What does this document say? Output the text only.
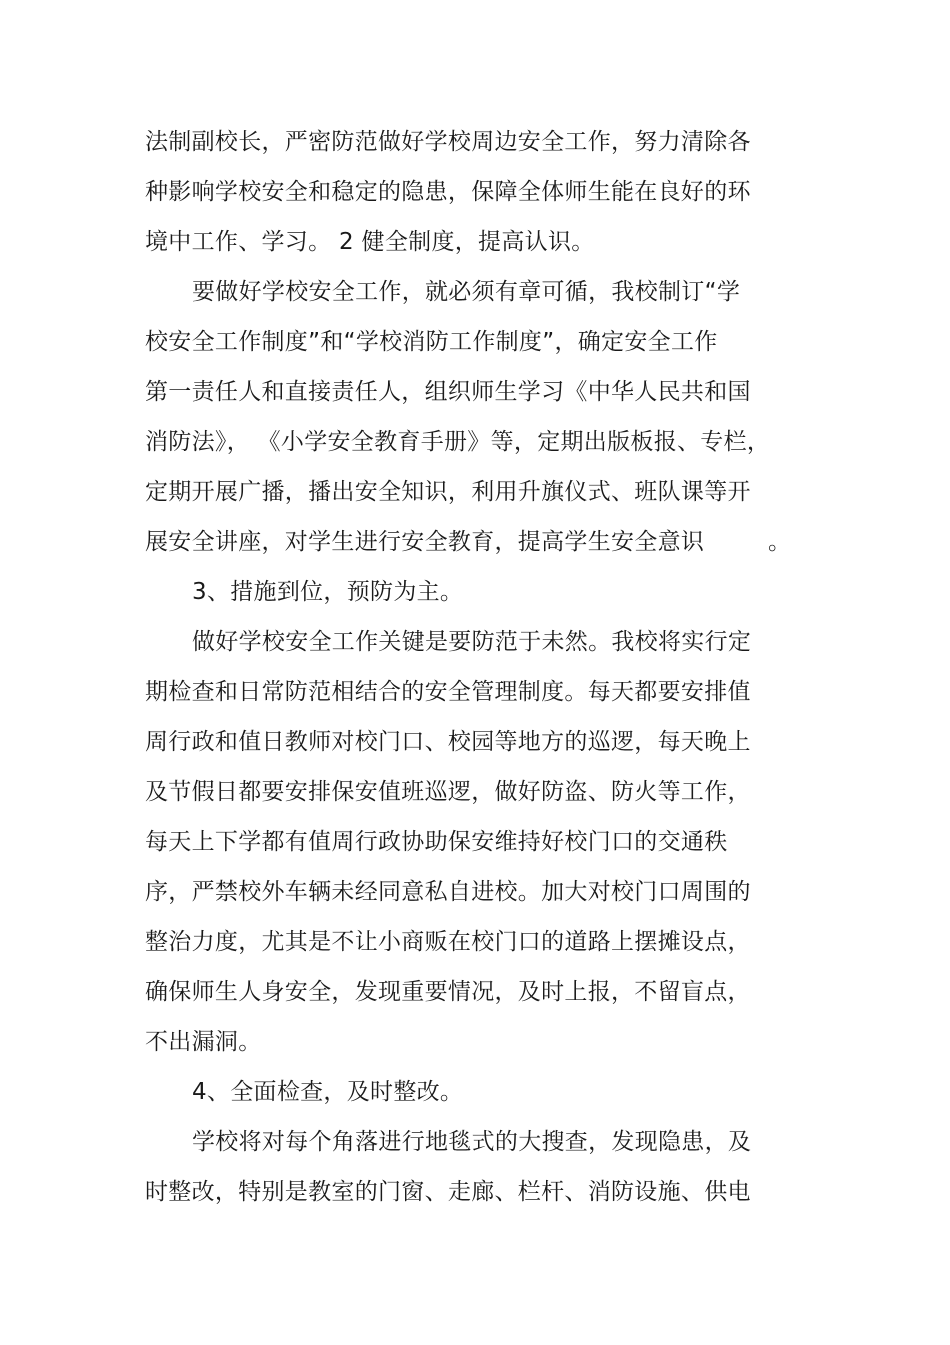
法制副校长，严密防范做好学校周边安全工作，努力清除各
种影响学校安全和稳定的隐患，保障全体师生能在良好的环
境中工作、学习。 2 健全制度，提高认识。
要做好学校安全工作，就必须有章可循，我校制订“学
校安全工作制度”和“学校消防工作制度”，确定安全工作
第一责任人和直接责任人，组织师生学习《中华人民共和国
消防法》， 《小学安全教育手册》等，定期出版板报、专栏，
定期开展广播，播出安全知识，利用升旗仪式、班队课等开
展安全讲座，对学生进行安全教育，提高学生安全意识	。
3、措施到位，预防为主。
做好学校安全工作关键是要防范于未然。我校将实行定
期检查和日常防范相结合的安全管理制度。每天都要安排值
周行政和值日教师对校门口、校园等地方的巡逻，每天晚上
及节假日都要安排保安值班巡逻，做好防盗、防火等工作，
每天上下学都有值周行政协助保安维持好校门口的交通秩
序，严禁校外车辆未经同意私自进校。加大对校门口周围的
整治力度，尤其是不让小商贩在校门口的道路上摆摊设点，
确保师生人身安全，发现重要情况，及时上报，不留盲点，
不出漏洞。
4、全面检查，及时整改。
学校将对每个角落进行地毯式的大搜查，发现隐患，及
时整改，特别是教室的门窗、走廊、栏杆、消防设施、供电
